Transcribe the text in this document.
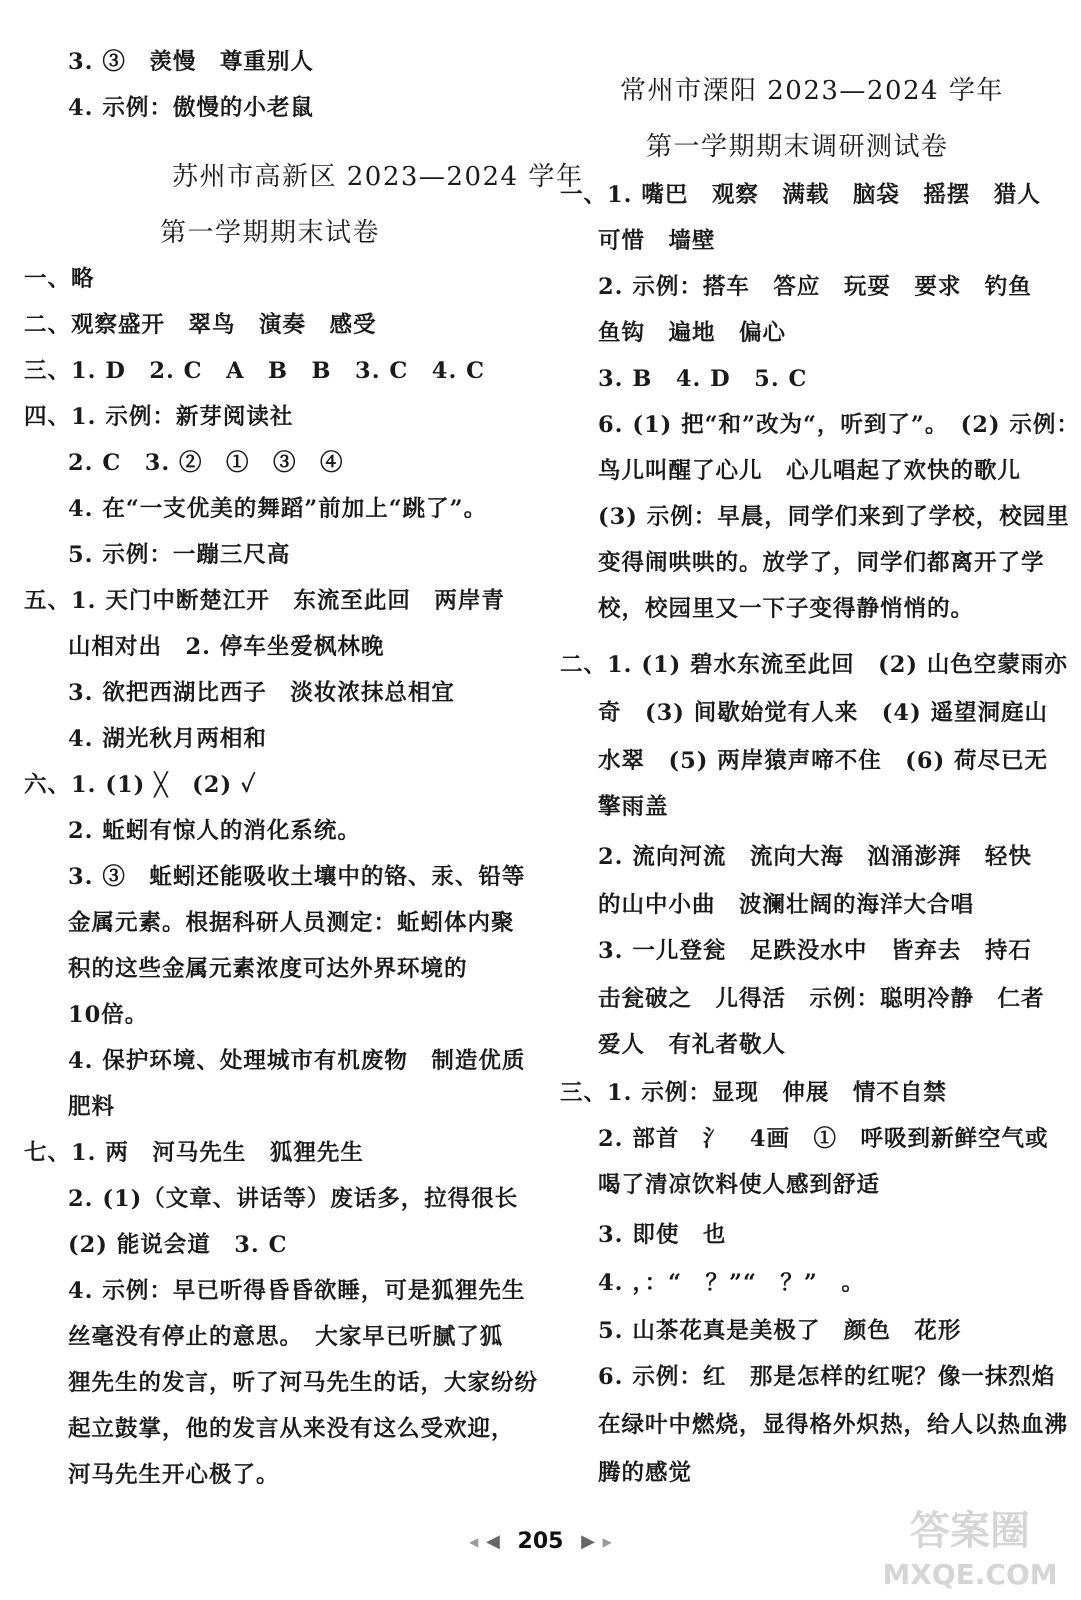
3. ③　羡慢　尊重别人
4. 示例：傲慢的小老鼠
苏州市高新区 2023—2024 学年
第一学期期末试卷
一、略
二、观察盛开　翠鸟　演奏　感受
三、1. D　2. C　A　B　B　3. C　4. C
四、1. 示例：新芽阅读社
2. C　3. ②　①　③　④
4. 在“一支优美的舞蹈”前加上“跳了”。
5. 示例：一蹦三尺高
五、1. 天门中断楚江开　东流至此回　两岸青
山相对出　2. 停车坐爱枫林晚
3. 欲把西湖比西子　淡妆浓抹总相宜
4. 湖光秋月两相和
六、1. (1) ╳　(2) ✓
2. 蚯蚓有惊人的消化系统。
3. ③　蚯蚓还能吸收土壤中的铬、汞、铅等
金属元素。根据科研人员测定：蚯蚓体内聚
积的这些金属元素浓度可达外界环境的
10倍。
4. 保护环境、处理城市有机废物　制造优质
肥料
七、1. 两　河马先生　狐狸先生
2. (1)（文章、讲话等）废话多，拉得很长
(2) 能说会道　3. C
4. 示例：早已听得昏昏欲睡，可是狐狸先生
丝毫没有停止的意思。　大家早已听腻了狐
狸先生的发言，听了河马先生的话，大家纷纷
起立鼓掌，他的发言从来没有这么受欢迎，
河马先生开心极了。
常州市溧阳 2023—2024 学年
第一学期期末调研测试卷
一、1. 嘴巴　观察　满载　脑袋　摇摆　猎人
可惜　墙壁
2. 示例：搭车　答应　玩耍　要求　钓鱼
鱼钩　遍地　偏心
3. B　4. D　5. C
6. (1) 把“和”改为“，听到了”。　(2) 示例：
鸟儿叫醒了心儿　心儿唱起了欢快的歌儿
(3) 示例：早晨，同学们来到了学校，校园里
变得闹哄哄的。放学了，同学们都离开了学
校，校园里又一下子变得静悄悄的。
二、1. (1) 碧水东流至此回　(2) 山色空蒙雨亦
奇　(3) 间歇始觉有人来　(4) 遥望洞庭山
水翠　(5) 两岸猿声啼不住　(6) 荷尽已无
擎雨盖
2. 流向河流　流向大海　汹涌澎湃　轻快
的山中小曲　波澜壮阔的海洋大合唱
3. 一儿登瓮　足跌没水中　皆弃去　持石
击瓮破之　儿得活　示例：聪明冷静　仁者
爱人　有礼者敬人
三、1. 示例：显现　伸展　情不自禁
2. 部首　氵　4画　①　呼吸到新鲜空气或
喝了清凉饮料使人感到舒适
3. 即使　也
4. ，：“　？”“　？”　。
5. 山茶花真是美极了　颜色　花形
6. 示例：红　那是怎样的红呢？像一抹烈焰
在绿叶中燃烧，显得格外炽热，给人以热血沸
腾的感觉
◀ ◀ 205 ▶ ▶	答案圈
MXQE.COM
